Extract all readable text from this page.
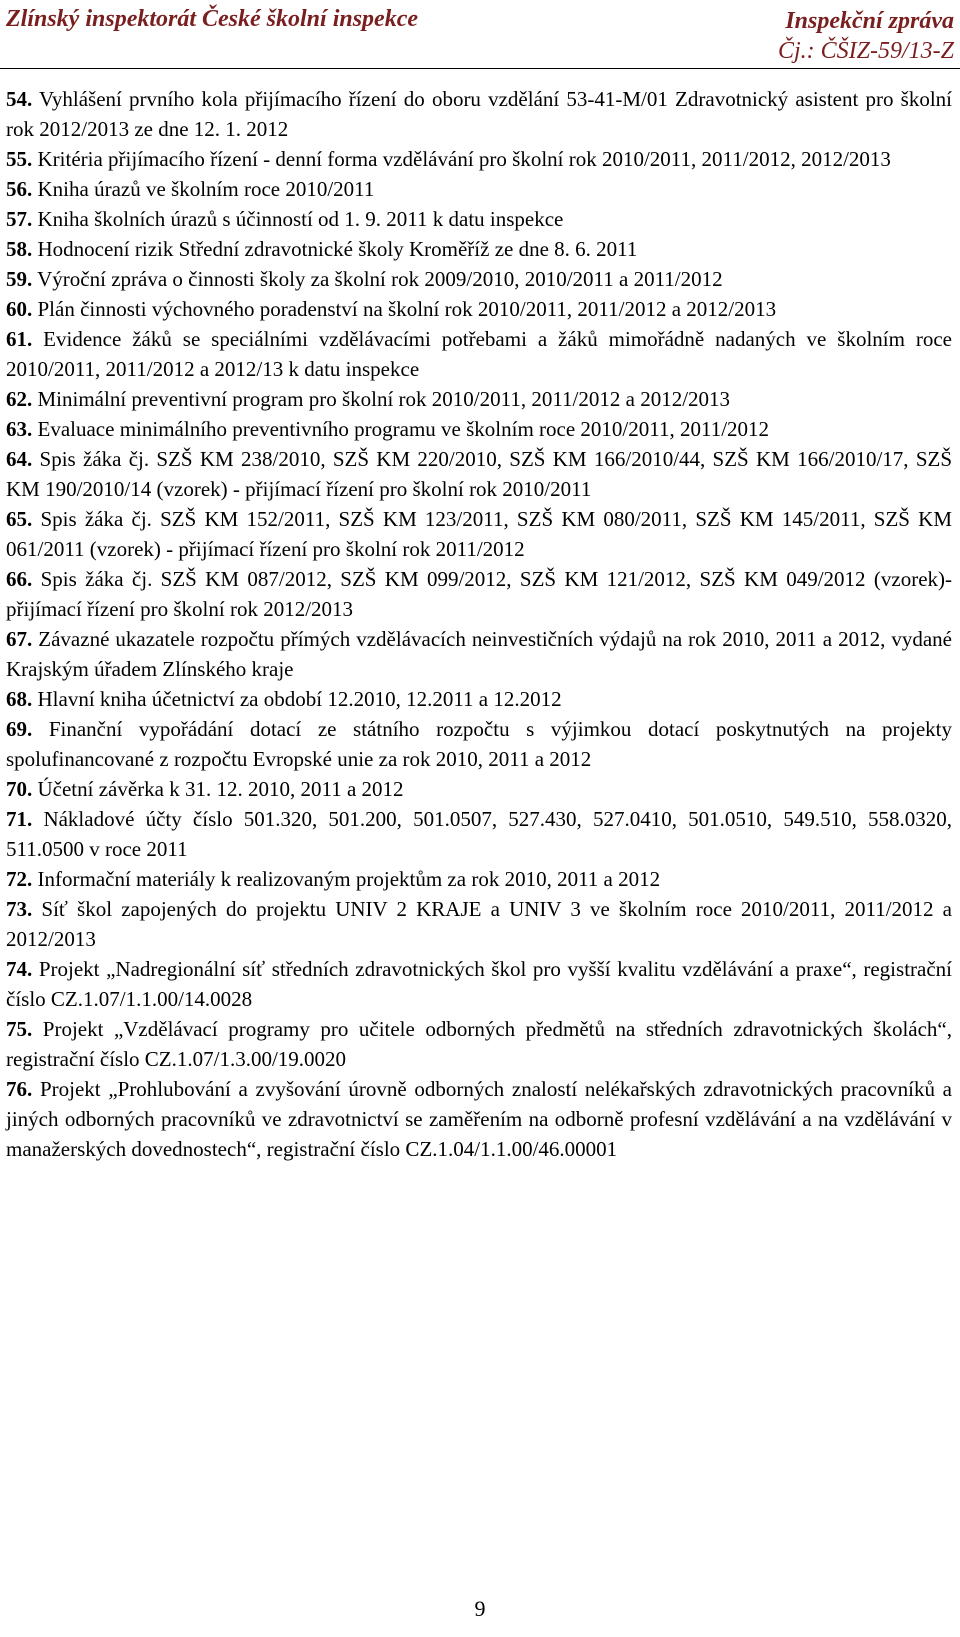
Zlínský inspektorát České školní inspekce	Inspekční zpráva
Čj.: ČŠIZ-59/13-Z
54. Vyhlášení prvního kola přijímacího řízení do oboru vzdělání 53-41-M/01 Zdravotnický asistent pro školní rok 2012/2013 ze dne 12. 1. 2012
55. Kritéria přijímacího řízení - denní forma vzdělávání pro školní rok 2010/2011, 2011/2012, 2012/2013
56. Kniha úrazů ve školním roce 2010/2011
57. Kniha školních úrazů s účinností od 1. 9. 2011 k datu inspekce
58. Hodnocení rizik Střední zdravotnické školy Kroměříž ze dne 8. 6. 2011
59. Výroční zpráva o činnosti školy za školní rok 2009/2010, 2010/2011 a 2011/2012
60. Plán činnosti výchovného poradenství na školní rok 2010/2011, 2011/2012 a 2012/2013
61. Evidence žáků se speciálními vzdělávacími potřebami a žáků mimořádně nadaných ve školním roce 2010/2011, 2011/2012 a 2012/13 k datu inspekce
62. Minimální preventivní program pro školní rok 2010/2011, 2011/2012 a 2012/2013
63. Evaluace minimálního preventivního programu ve školním roce 2010/2011, 2011/2012
64. Spis žáka čj. SZŠ KM 238/2010, SZŠ KM 220/2010, SZŠ KM 166/2010/44, SZŠ KM 166/2010/17, SZŠ KM 190/2010/14 (vzorek) - přijímací řízení pro školní rok 2010/2011
65. Spis žáka čj. SZŠ KM 152/2011, SZŠ KM 123/2011, SZŠ KM 080/2011, SZŠ KM 145/2011, SZŠ KM 061/2011 (vzorek) - přijímací řízení pro školní rok 2011/2012
66. Spis žáka čj. SZŠ KM 087/2012, SZŠ KM 099/2012, SZŠ KM 121/2012, SZŠ KM 049/2012 (vzorek)- přijímací řízení pro školní rok 2012/2013
67. Závazné ukazatele rozpočtu přímých vzdělávacích neinvestičních výdajů na rok 2010, 2011 a 2012, vydané Krajským úřadem Zlínského kraje
68. Hlavní kniha účetnictví za období 12.2010, 12.2011 a 12.2012
69. Finanční vypořádání dotací ze státního rozpočtu s výjimkou dotací poskytnutých na projekty spolufinancované z rozpočtu Evropské unie za rok 2010, 2011 a 2012
70. Účetní závěrka k 31. 12. 2010, 2011 a 2012
71. Nákladové účty číslo 501.320, 501.200, 501.0507, 527.430, 527.0410, 501.0510, 549.510, 558.0320, 511.0500 v roce 2011
72. Informační materiály k realizovaným projektům za rok 2010, 2011 a 2012
73. Síť škol zapojených do projektu UNIV 2 KRAJE a UNIV 3 ve školním roce 2010/2011, 2011/2012 a 2012/2013
74. Projekt „Nadregionální síť středních zdravotnických škol pro vyšší kvalitu vzdělávání a praxe“, registrační číslo CZ.1.07/1.1.00/14.0028
75. Projekt „Vzdělávací programy pro učitele odborných předmětů na středních zdravotnických školách“, registrační číslo CZ.1.07/1.3.00/19.0020
76. Projekt „Prohlubování a zvyšování úrovně odborných znalostí nelékařských zdravotnických pracovníků a jiných odborných pracovníků ve zdravotnictví se zaměřením na odborně profesní vzdělávání a na vzdělávání v manažerských dovednostech“, registrační číslo CZ.1.04/1.1.00/46.00001
9
